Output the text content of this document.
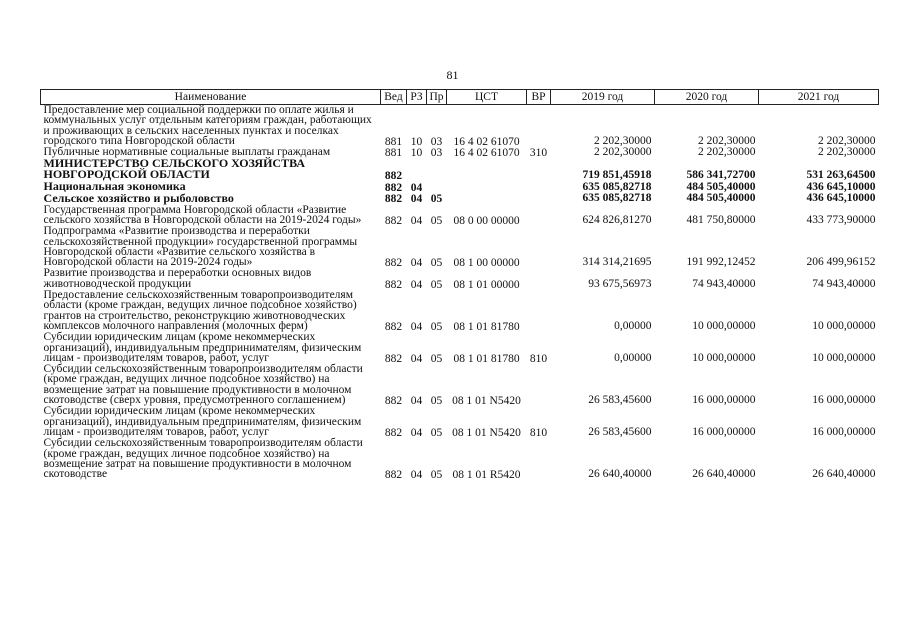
81
Наименование	Вед	РЗ	Пр	ЦСТ	ВР	2019 год	2020 год	2021 год
Предоставление мер социальной поддержки по оплате жилья и коммунальных услуг отдельным категориям граждан, работающих и проживающих в сельских населенных пунктах и поселках городского типа Новгородской области	881	10	03	16 4 02 61070		2 202,30000	2 202,30000	2 202,30000
Публичные нормативные социальные выплаты гражданам	881	10	03	16 4 02 61070	310	2 202,30000	2 202,30000	2 202,30000
МИНИСТЕРСТВО СЕЛЬСКОГО ХОЗЯЙСТВА НОВГОРОДСКОЙ ОБЛАСТИ	882					719 851,45918	586 341,72700	531 263,64500
Национальная экономика	882	04				635 085,82718	484 505,40000	436 645,10000
Сельское хозяйство и рыболовство	882	04	05			635 085,82718	484 505,40000	436 645,10000
Государственная программа Новгородской области «Развитие сельского хозяйства в Новгородской области на 2019-2024 годы»	882	04	05	08 0 00 00000		624 826,81270	481 750,80000	433 773,90000
Подпрограмма «Развитие производства и переработки сельскохозяйственной продукции» государственной программы Новгородской области «Развитие сельского хозяйства в Новгородской области на 2019-2024 годы»	882	04	05	08 1 00 00000		314 314,21695	191 992,12452	206 499,96152
Развитие производства и переработки основных видов животноводческой продукции	882	04	05	08 1 01 00000		93 675,56973	74 943,40000	74 943,40000
Предоставление сельскохозяйственным товаропроизводителям области (кроме граждан, ведущих личное подсобное хозяйство) грантов на строительство, реконструкцию животноводческих комплексов молочного направления (молочных ферм)	882	04	05	08 1 01 81780		0,00000	10 000,00000	10 000,00000
Субсидии юридическим лицам (кроме некоммерческих организаций), индивидуальным предпринимателям, физическим лицам - производителям товаров, работ, услуг	882	04	05	08 1 01 81780	810	0,00000	10 000,00000	10 000,00000
Субсидии сельскохозяйственным товаропроизводителям области (кроме граждан, ведущих личное подсобное хозяйство) на возмещение затрат на повышение продуктивности в молочном скотоводстве (сверх уровня, предусмотренного соглашением)	882	04	05	08 1 01 N5420		26 583,45600	16 000,00000	16 000,00000
Субсидии юридическим лицам (кроме некоммерческих организаций), индивидуальным предпринимателям, физическим лицам - производителям товаров, работ, услуг	882	04	05	08 1 01 N5420	810	26 583,45600	16 000,00000	16 000,00000
Субсидии сельскохозяйственным товаропроизводителям области (кроме граждан, ведущих личное подсобное хозяйство) на возмещение затрат на повышение продуктивности в молочном скотоводстве	882	04	05	08 1 01 R5420		26 640,40000	26 640,40000	26 640,40000
